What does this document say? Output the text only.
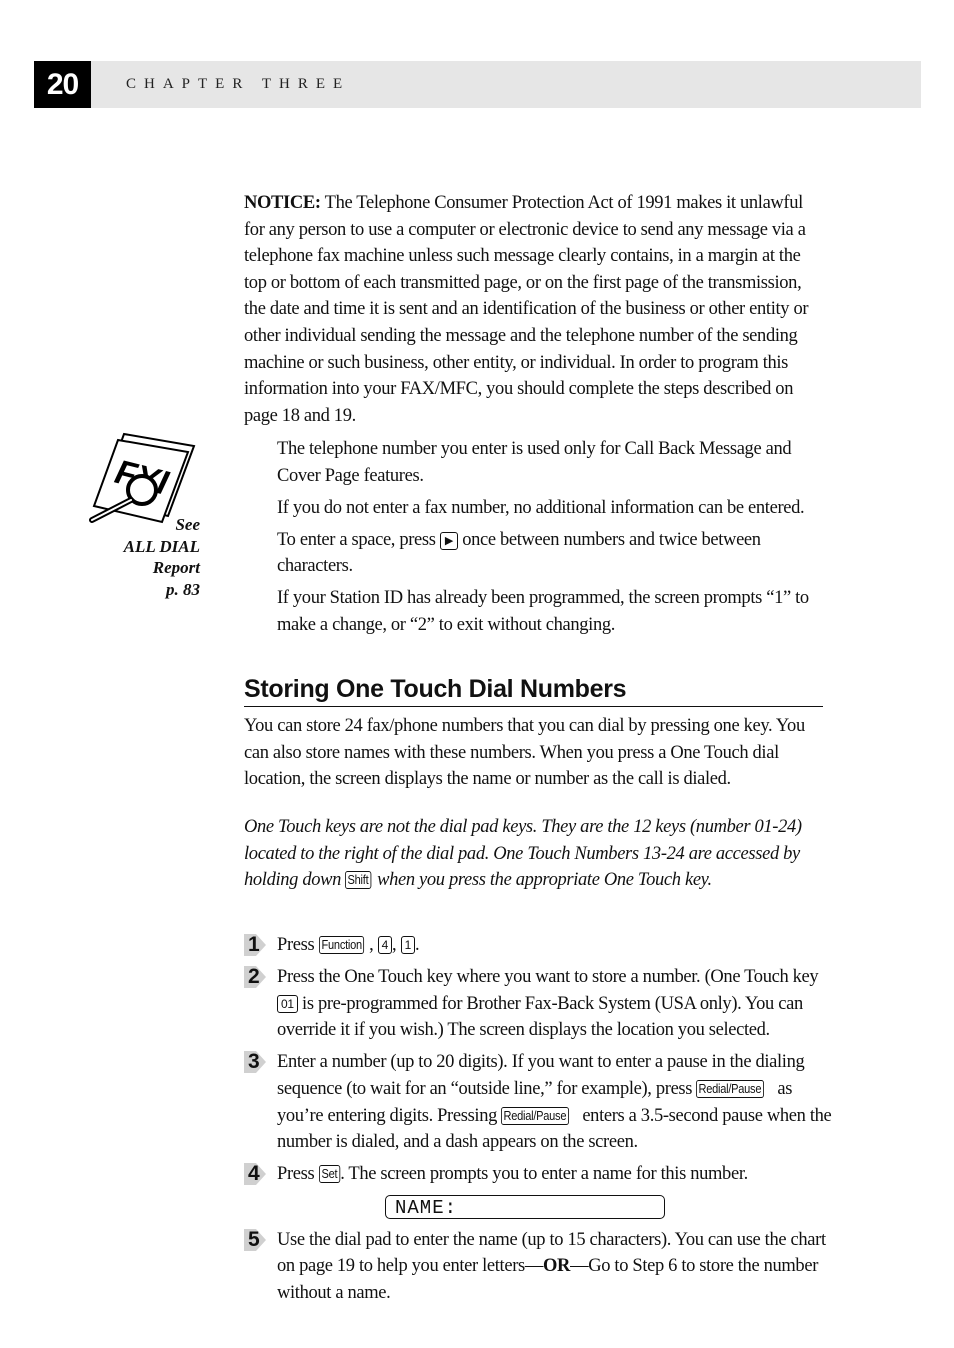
20	CHAPTER THREE
NOTICE: The Telephone Consumer Protection Act of 1991 makes it unlawful for any person to use a computer or electronic device to send any message via a telephone fax machine unless such message clearly contains, in a margin at the top or bottom of each transmitted page, or on the first page of the transmission, the date and time it is sent and an identification of the business or other entity or other individual sending the message and the telephone number of the sending machine or such business, other entity, or individual. In order to program this information into your FAX/MFC, you should complete the steps described on page 18 and 19.
See
ALL DIAL
Report
p. 83

The telephone number you enter is used only for Call Back Message and Cover Page features.

If you do not enter a fax number, no additional information can be entered.

To enter a space, press ▶ once between numbers and twice between characters.

If your Station ID has already been programmed, the screen prompts “1” to make a change, or “2” to exit without changing.

Storing One Touch Dial Numbers
You can store 24 fax/phone numbers that you can dial by pressing one key. You can also store names with these numbers. When you press a One Touch dial location, the screen displays the name or number as the call is dialed.
One Touch keys are not the dial pad keys. They are the 12 keys (number 01-24) located to the right of the dial pad. One Touch Numbers 13-24 are accessed by holding down Shift when you press the appropriate One Touch key.
1 Press Function , 4 , 1 .
2 Press the One Touch key where you want to store a number. (One Touch key 01 is pre-programmed for Brother Fax-Back System (USA only). You can override it if you wish.) The screen displays the location you selected.
3 Enter a number (up to 20 digits). If you want to enter a pause in the dialing sequence (to wait for an “outside line,” for example), press Redial/Pause as you’re entering digits. Pressing Redial/Pause enters a 3.5-second pause when the number is dialed, and a dash appears on the screen.
4 Press Set . The screen prompts you to enter a name for this number.
NAME:
5 Use the dial pad to enter the name (up to 15 characters). You can use the chart on page 19 to help you enter letters—OR—Go to Step 6 to store the number without a name.
